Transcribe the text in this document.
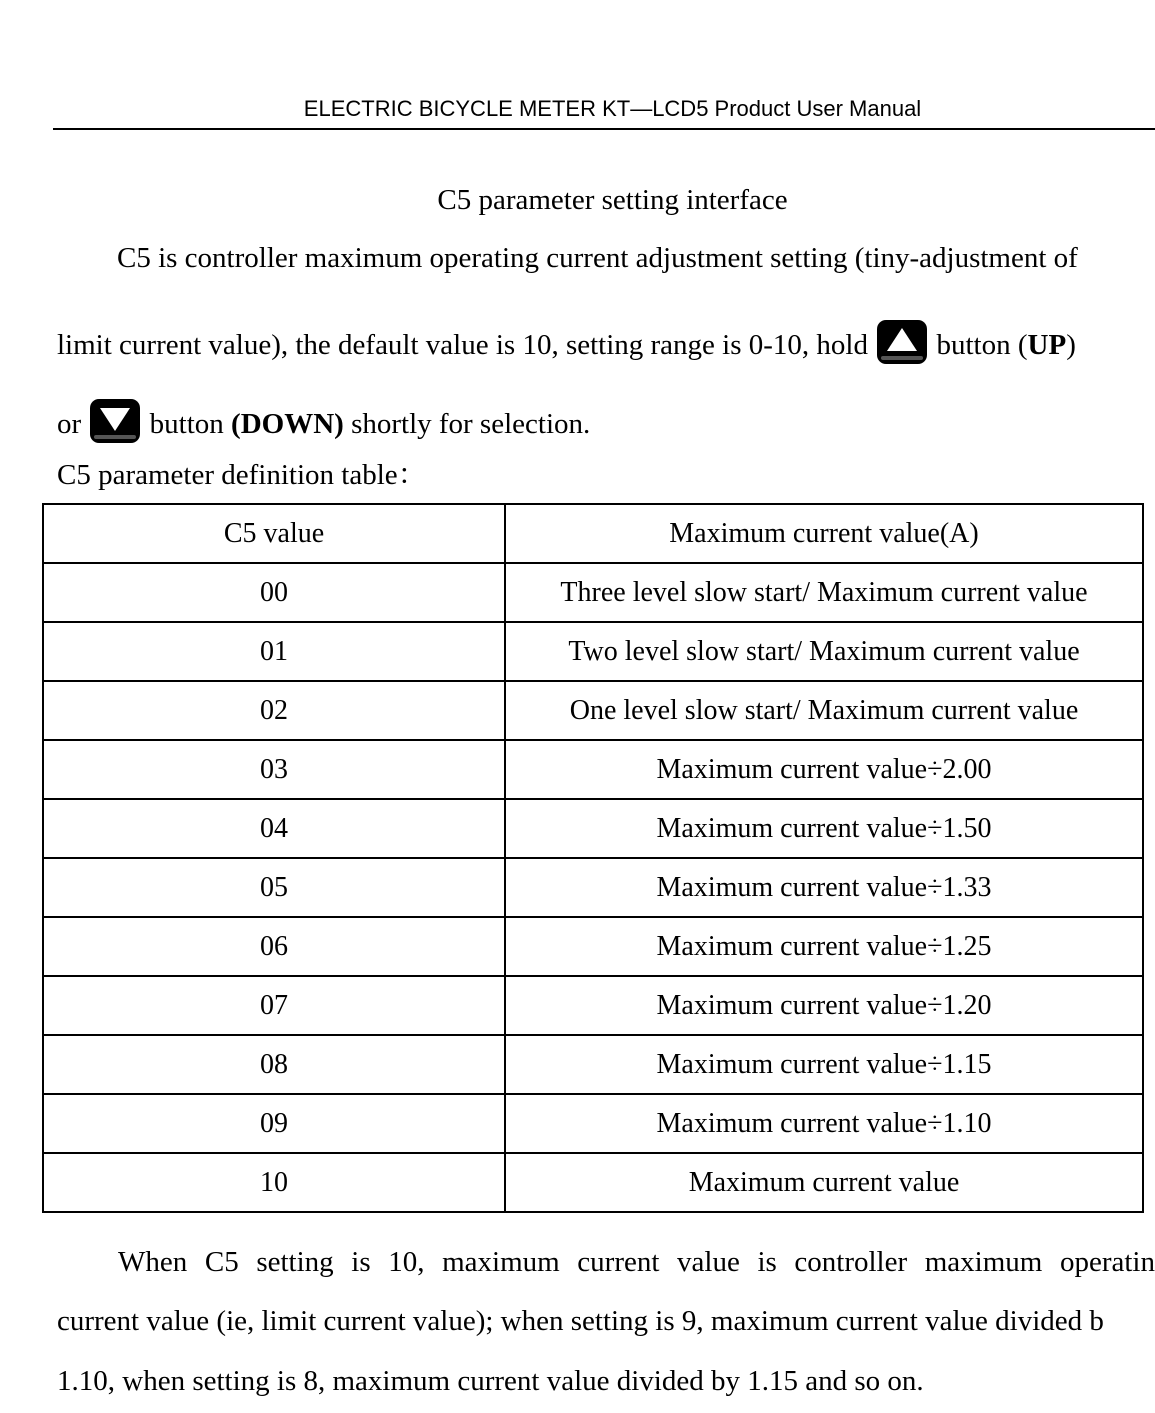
ELECTRIC BICYCLE METER KT—LCD5 Product User Manual
C5 parameter setting interface
C5 is controller maximum operating current adjustment setting (tiny-adjustment of
limit current value), the default value is 10, setting range is 0-10, hold
button (UP)
or
button (DOWN) shortly for selection.
C5 parameter definition table：
C5 value	Maximum current value(A)
00	Three level slow start/ Maximum current value
01	Two level slow start/ Maximum current value
02	One level slow start/ Maximum current value
03	Maximum current value÷2.00
04	Maximum current value÷1.50
05	Maximum current value÷1.33
06	Maximum current value÷1.25
07	Maximum current value÷1.20
08	Maximum current value÷1.15
09	Maximum current value÷1.10
10	Maximum current value
When C5 setting is 10, maximum current value is controller maximum operatin
current value (ie, limit current value); when setting is 9, maximum current value divided b
1.10, when setting is 8, maximum current value divided by 1.15 and so on.
